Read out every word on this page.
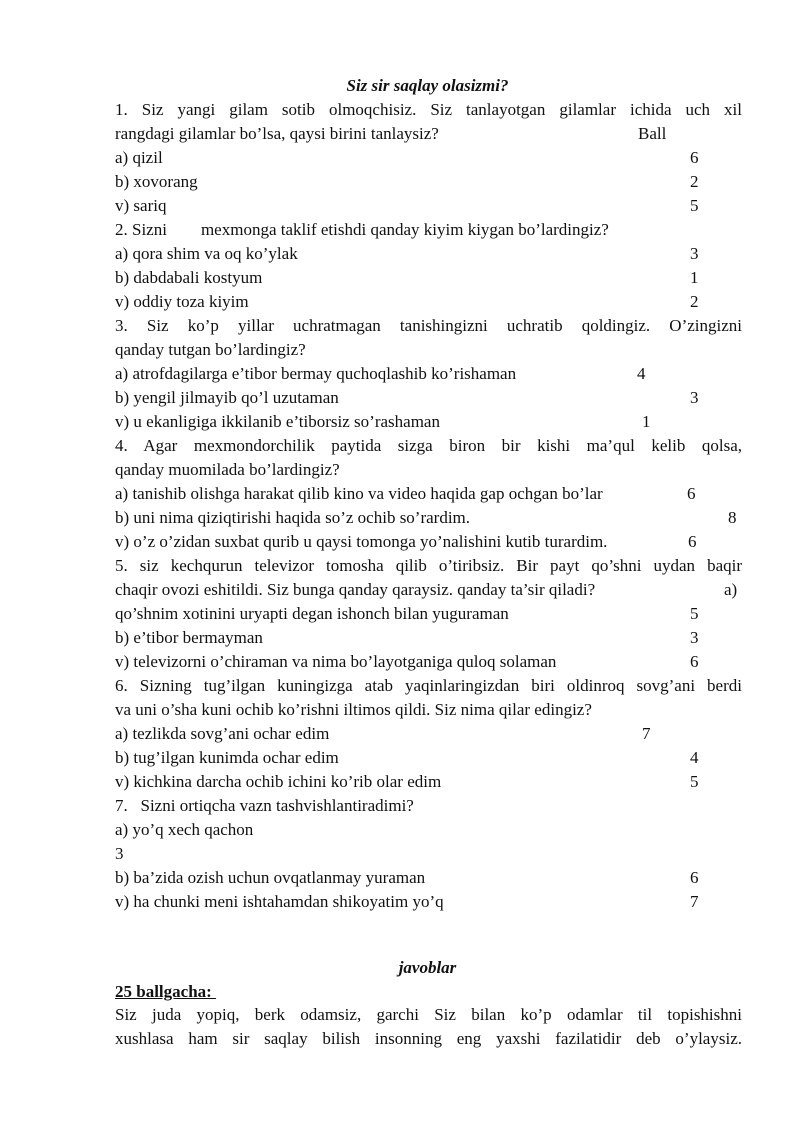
Siz sir saqlay olasizmi?
1. Siz yangi gilam sotib olmoqchisiz. Siz tanlayotgan gilamlar ichida uch xil
rangdagi gilamlar bo’lsa, qaysi birini tanlaysiz?	Ball
a) qizil	6
b) xovorang	2
v) sariq	5
2. Sizni        mexmonga taklif etishdi qanday kiyim kiygan bo’lardingiz?
a) qora shim va oq ko’ylak	3
b) dabdabali kostyum	1
v) oddiy toza kiyim	2
3. Siz ko’p yillar uchratmagan tanishingizni uchratib qoldingiz. O’zingizni
qanday tutgan bo’lardingiz?
a) atrofdagilarga e’tibor bermay quchoqlashib ko’rishaman	4
b) yengil jilmayib qo’l uzutaman	3
v) u ekanligiga ikkilanib e’tiborsiz so’rashaman	1
4. Agar mexmondorchilik paytida sizga biron bir kishi ma’qul kelib qolsa,
qanday muomilada bo’lardingiz?
a) tanishib olishga harakat qilib kino va video haqida gap ochgan bo’lar	6
b) uni nima qiziqtirishi haqida so’z ochib so’rardim.	8
v) o’z o’zidan suxbat qurib u qaysi tomonga yo’nalishini kutib turardim.	6
5. siz kechqurun televizor tomosha qilib o’tiribsiz. Bir payt qo’shni uydan baqir
chaqir ovozi eshitildi. Siz bunga qanday qaraysiz. qanday ta’sir qiladi?	a)
qo’shnim xotinini uryapti degan ishonch bilan yuguraman	5
b) e’tibor bermayman	3
v) televizorni o’chiraman va nima bo’layotganiga quloq solaman	6
6. Sizning tug’ilgan kuningizga atab yaqinlaringizdan biri oldinroq sovg’ani berdi
va uni o’sha kuni ochib ko’rishni iltimos qildi. Siz nima qilar edingiz?
a) tezlikda sovg’ani ochar edim	7
b) tug’ilgan kunimda ochar edim	4
v) kichkina darcha ochib ichini ko’rib olar edim	5
7.   Sizni ortiqcha vazn tashvishlantiradimi?
a) yo’q xech qachon
3
b) ba’zida ozish uchun ovqatlanmay yuraman	6
v) ha chunki meni ishtahamdan shikoyatim yo’q	7
javoblar
25 ballgacha:
Siz juda yopiq, berk odamsiz, garchi Siz bilan ko’p odamlar til topishishni
xushlasa ham sir saqlay bilish insonning eng yaxshi fazilatidir deb o’ylaysiz.
